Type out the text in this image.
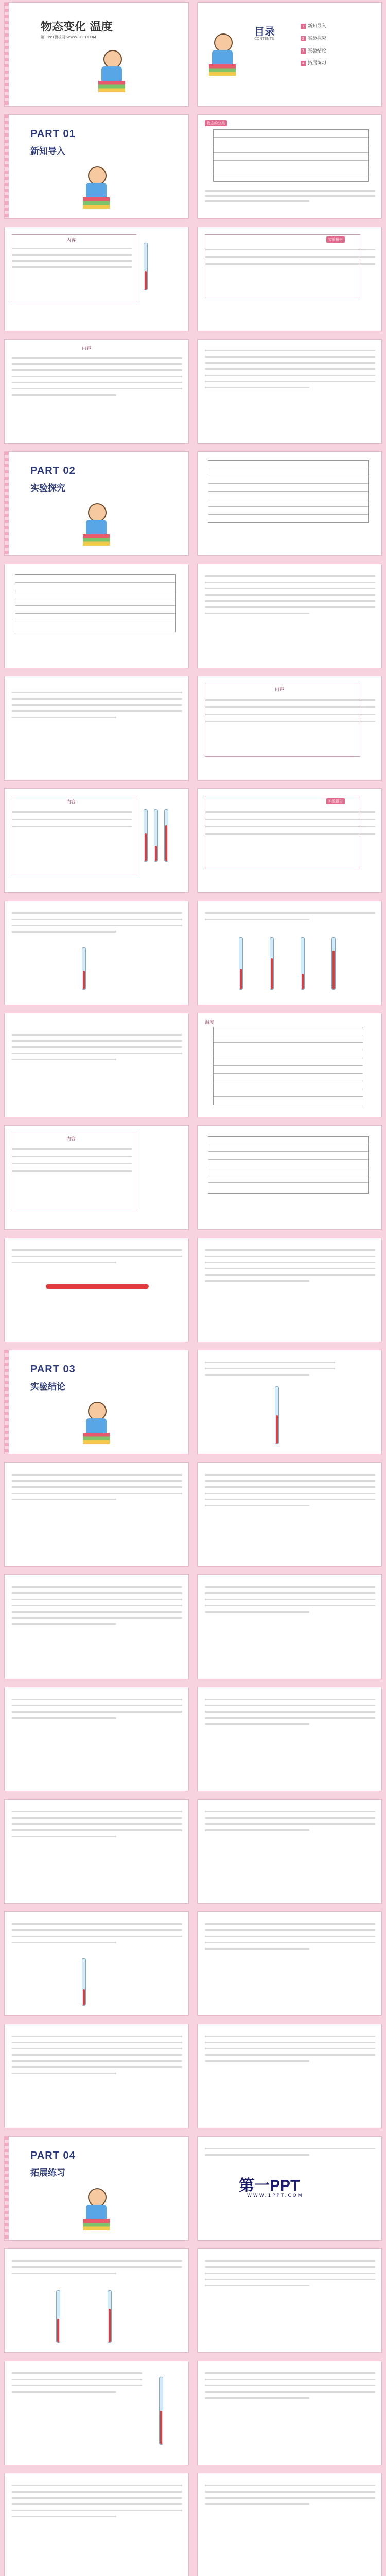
物态变化 温度
第一PPT模板网-WWW.1PPT.COM	目录
CONTENTS
1 新知导入
2 实验探究
3 实验结论
4 拓展练习
PART 01
新知导入
物态的分类
内容	实验报告
内容
PART 02
实验探究
内容
内容	实验报告
温度
内容
PART 03
实验结论
PART 04
拓展练习
第一PPT
WWW.1PPT.COM
